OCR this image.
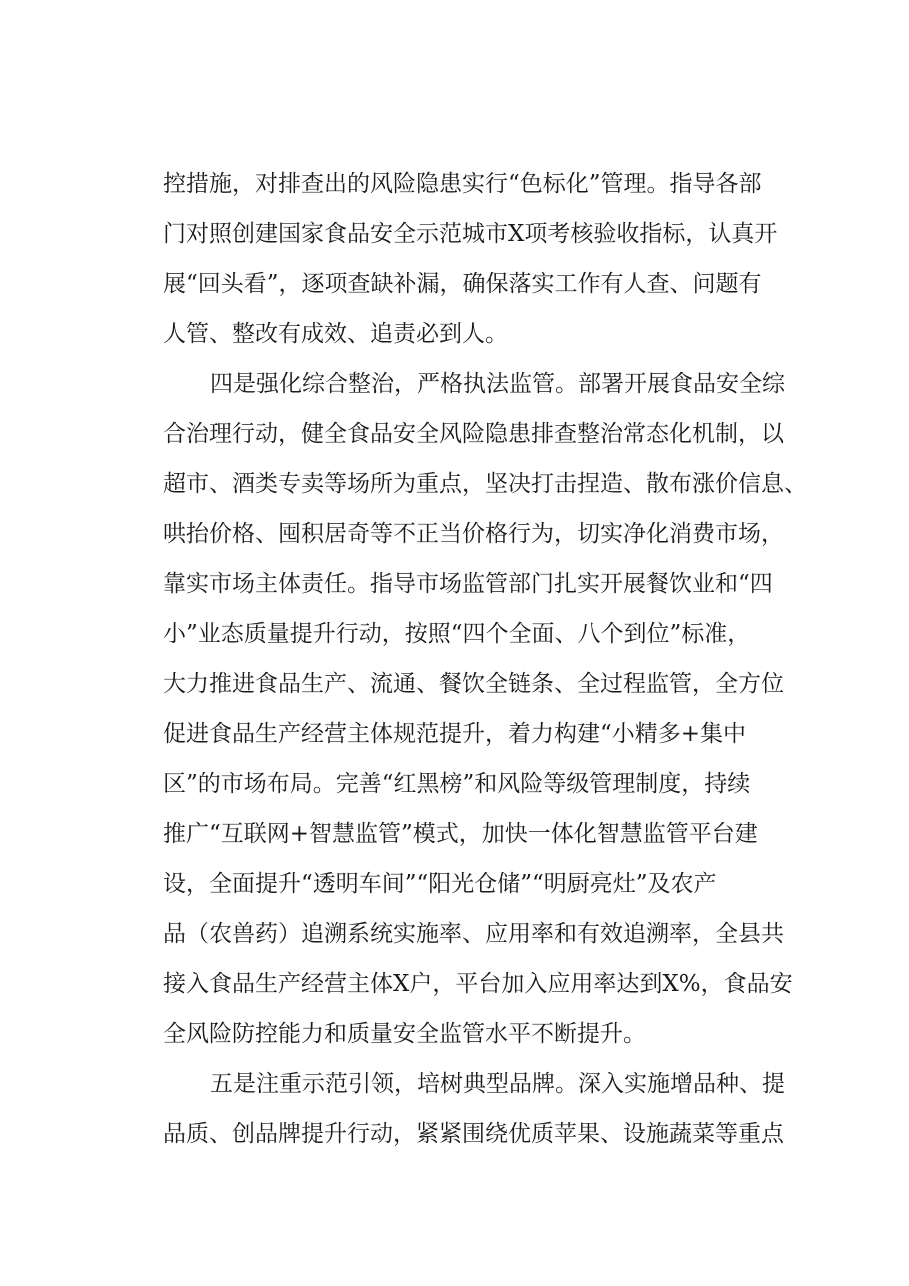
控措施，对排查出的风险隐患实行“色标化”管理。指导各部
门对照创建国家食品安全示范城市X项考核验收指标，认真开
展“回头看”，逐项查缺补漏，确保落实工作有人查、问题有
人管、整改有成效、追责必到人。
四是强化综合整治，严格执法监管。部署开展食品安全综
合治理行动，健全食品安全风险隐患排查整治常态化机制，以
超市、酒类专卖等场所为重点，坚决打击捏造、散布涨价信息、
哄抬价格、囤积居奇等不正当价格行为，切实净化消费市场，
靠实市场主体责任。指导市场监管部门扎实开展餐饮业和“四
小”业态质量提升行动，按照“四个全面、八个到位”标准，
大力推进食品生产、流通、餐饮全链条、全过程监管，全方位
促进食品生产经营主体规范提升，着力构建“小精多+集中
区”的市场布局。完善“红黑榜”和风险等级管理制度，持续
推广“互联网+智慧监管”模式，加快一体化智慧监管平台建
设，全面提升“透明车间”“阳光仓储”“明厨亮灶”及农产
品（农兽药）追溯系统实施率、应用率和有效追溯率，全县共
接入食品生产经营主体X户，平台加入应用率达到X%，食品安
全风险防控能力和质量安全监管水平不断提升。
五是注重示范引领，培树典型品牌。深入实施增品种、提
品质、创品牌提升行动，紧紧围绕优质苹果、设施蔬菜等重点
